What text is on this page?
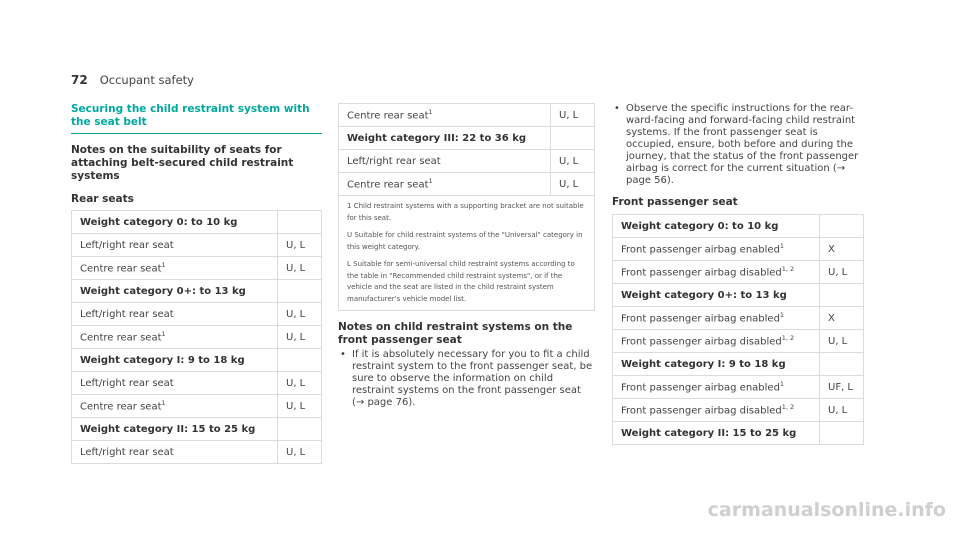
72 Occupant safety
Securing the child restraint system with the seat belt
Notes on the suitability of seats for attaching belt-secured child restraint systems
Rear seats
Weight category 0: to 10 kg	
Left/right rear seat	U, L
Centre rear seat$^1$	U, L
Weight category 0+: to 13 kg	
Left/right rear seat	U, L
Centre rear seat$^1$	U, L
Weight category I: 9 to 18 kg	
Left/right rear seat	U, L
Centre rear seat$^1$	U, L
Weight category II: 15 to 25 kg	
Left/right rear seat	U, L
Centre rear seat$^1$	U, L
Weight category III: 22 to 36 kg	
Left/right rear seat	U, L
Centre rear seat$^1$	U, L

1 Child restraint systems with a supporting bracket are not suitable for this seat.

U Suitable for child restraint systems of the "Universal" category in this weight category.

L Suitable for semi-universal child restraint systems according to the table in "Recommended child restraint systems", or if the vehicle and the seat are listed in the child restraint system manufacturer's vehicle model list.	

Notes on child restraint systems on the front passenger seat
• If it is absolutely necessary for you to fit a child restraint system to the front passenger seat, be sure to observe the information on child restraint systems on the front passenger seat (→ page 76).
• Observe the specific instructions for the rear-ward-facing and forward-facing child restraint systems. If the front passenger seat is occupied, ensure, both before and during the journey, that the status of the front passenger airbag is correct for the current situation (→ page 56).
Front passenger seat
Weight category 0: to 10 kg	
Front passenger airbag enabled$^1$	X
Front passenger airbag disabled$^{1, 2}$	U, L
Weight category 0+: to 13 kg	
Front passenger airbag enabled$^1$	X
Front passenger airbag disabled$^{1, 2}$	U, L
Weight category I: 9 to 18 kg	
Front passenger airbag enabled$^1$	UF, L
Front passenger airbag disabled$^{1, 2}$	U, L
Weight category II: 15 to 25 kg	
carmanualsonline.info
